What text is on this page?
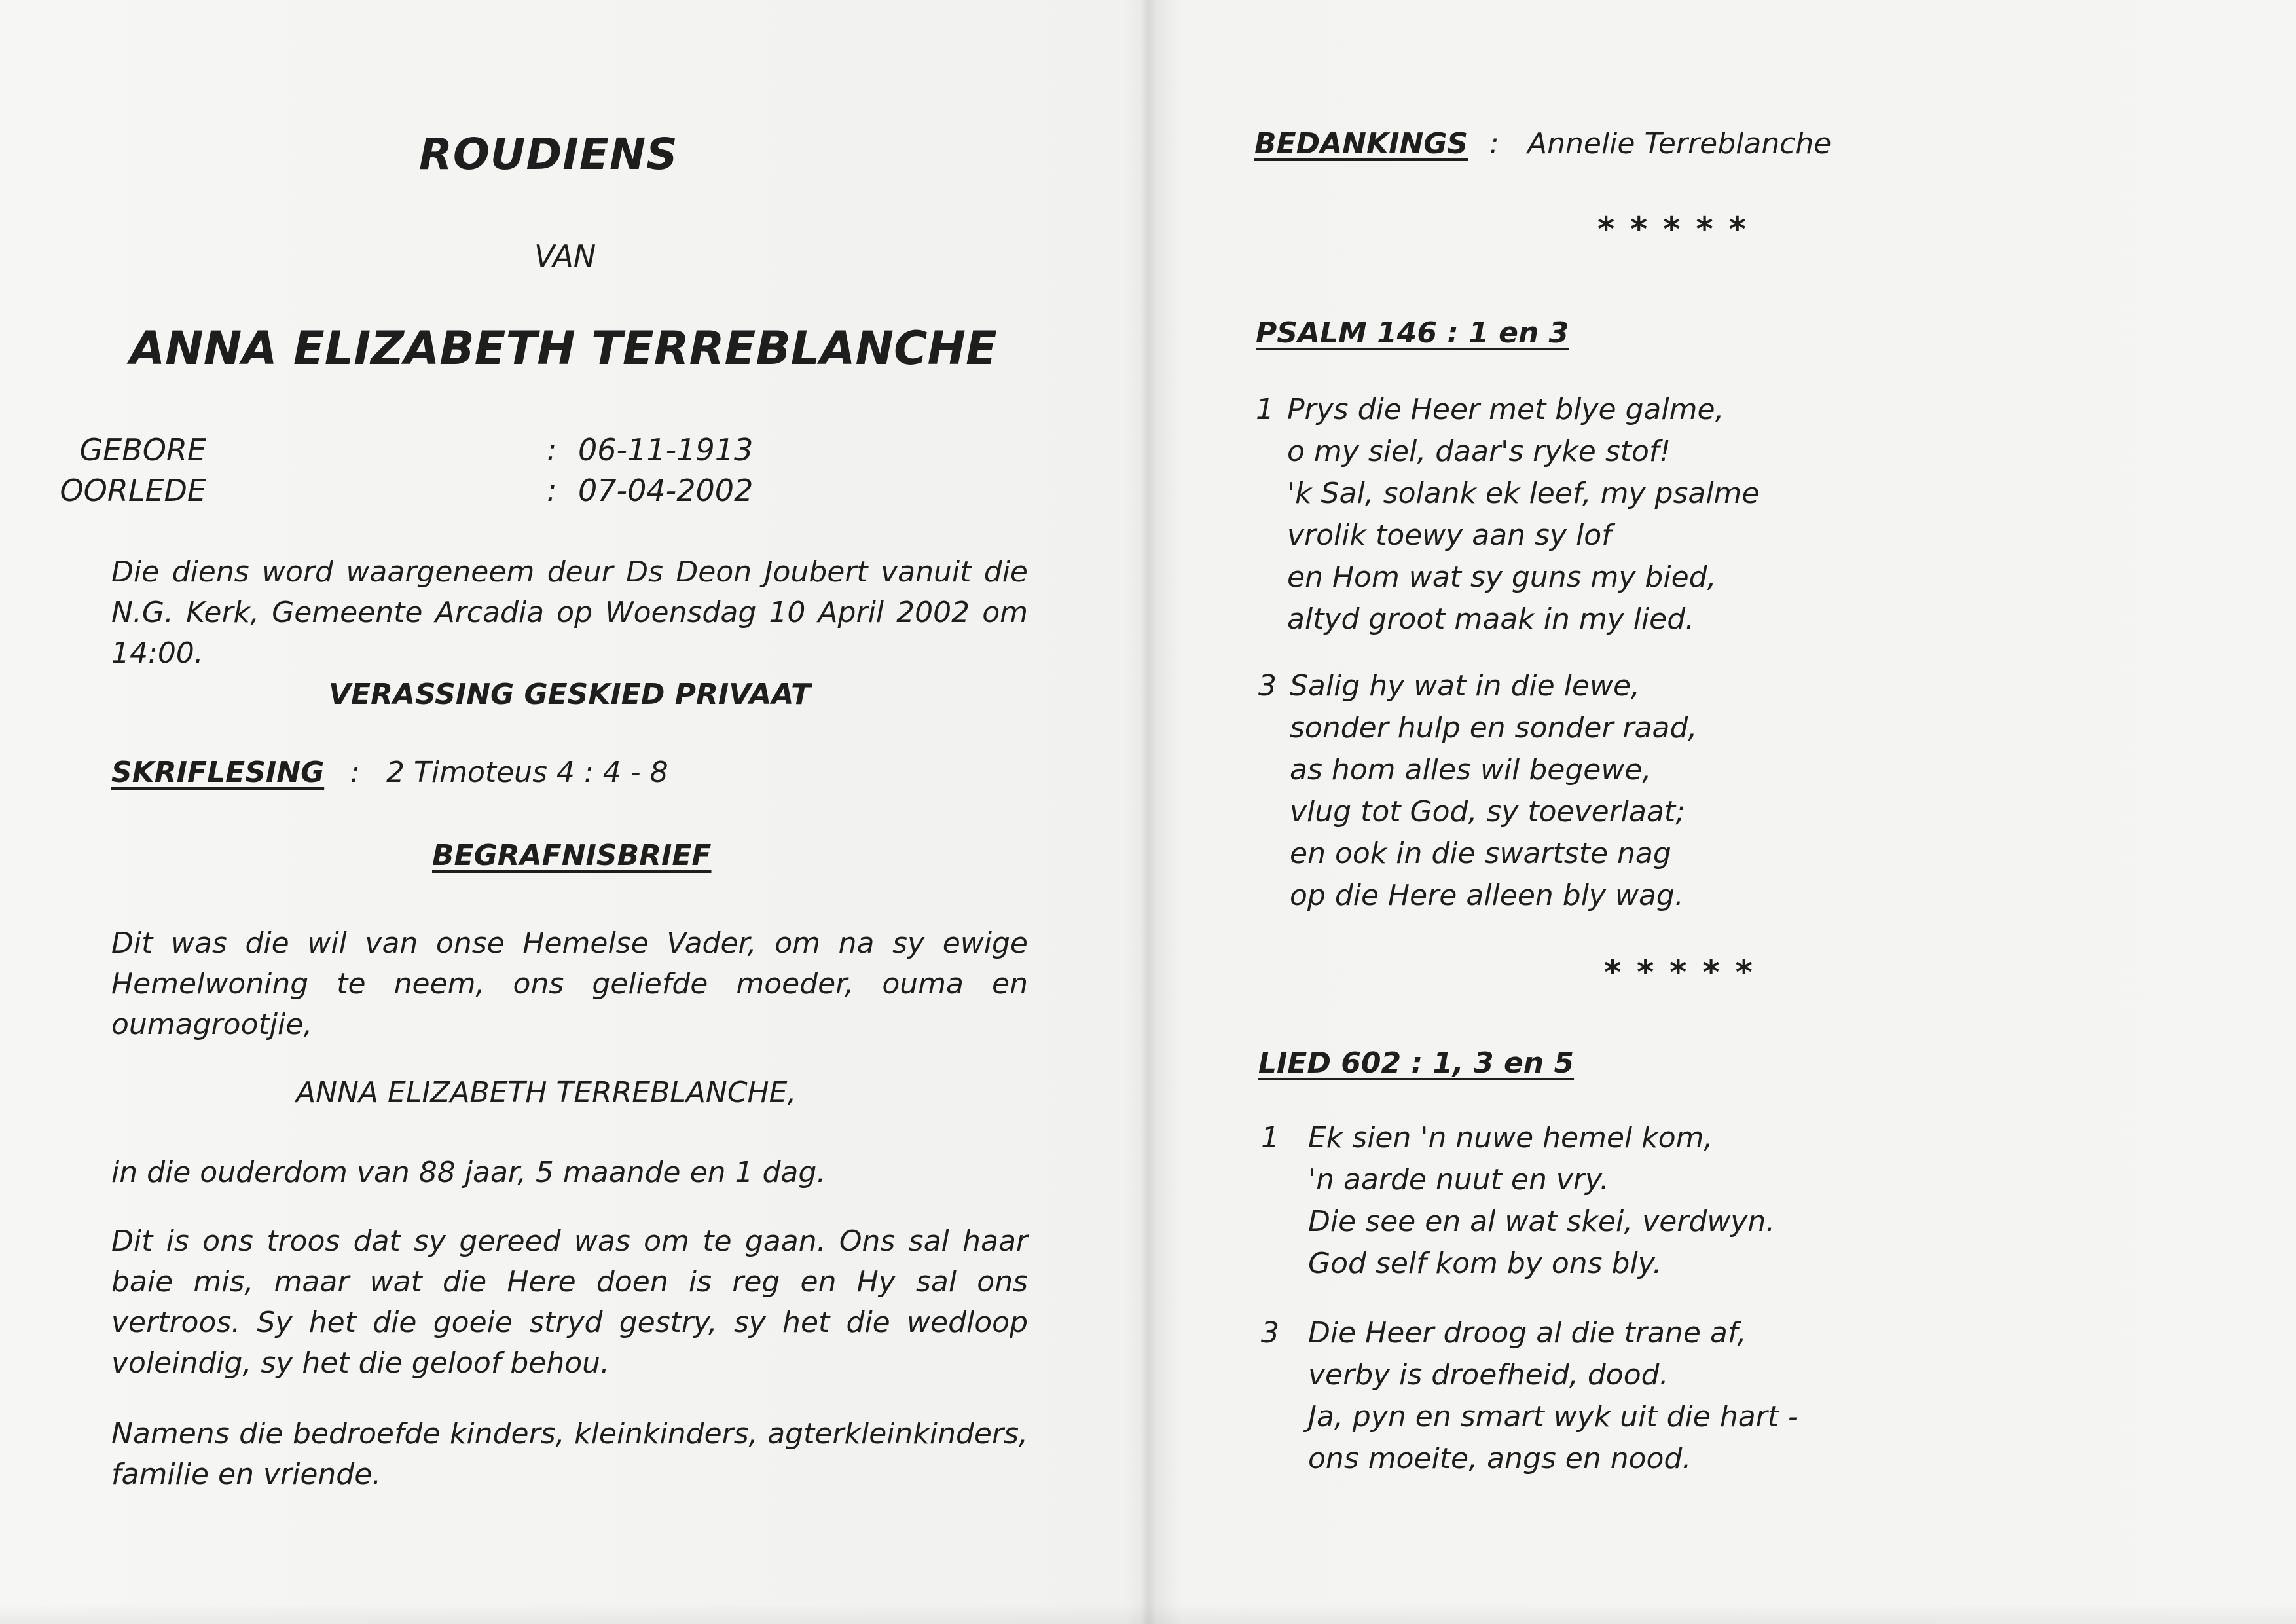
ROUDIENS

VAN

ANNA ELIZABETH TERREBLANCHE
GEBORE	: 06-11-1913
OORLEDE	: 07-04-2002

Die diens word waargeneem deur Ds Deon Joubert vanuit die N.G. Kerk, Gemeente Arcadia op Woensdag 10 April 2002 om 14:00.

VERASSING GESKIED PRIVAAT

SKRIFLESING : 2 Timoteus 4 : 4 - 8

BEGRAFNISBRIEF

Dit was die wil van onse Hemelse Vader, om na sy ewige Hemelwoning te neem, ons geliefde moeder, ouma en oumagrootjie,

ANNA ELIZABETH TERREBLANCHE,

in die ouderdom van 88 jaar, 5 maande en 1 dag.

Dit is ons troos dat sy gereed was om te gaan. Ons sal haar baie mis, maar wat die Here doen is reg en Hy sal ons vertroos. Sy het die goeie stryd gestry, sy het die wedloop voleindig, sy het die geloof behou.

Namens die bedroefde kinders, kleinkinders, agterkleinkinders, familie en vriende.

BEDANKINGS : Annelie Terreblanche

*****

PSALM 146 : 1 en 3

1 Prys die Heer met blye galme,
o my siel, daar's ryke stof!
'k Sal, solank ek leef, my psalme
vrolik toewy aan sy lof
en Hom wat sy guns my bied,
altyd groot maak in my lied.
3 Salig hy wat in die lewe,
sonder hulp en sonder raad,
as hom alles wil begewe,
vlug tot God, sy toeverlaat;
en ook in die swartste nag
op die Here alleen bly wag.

*****

LIED 602 : 1, 3 en 5

1 Ek sien 'n nuwe hemel kom,
'n aarde nuut en vry.
Die see en al wat skei, verdwyn.
God self kom by ons bly.
3 Die Heer droog al die trane af,
verby is droefheid, dood.
Ja, pyn en smart wyk uit die hart -
ons moeite, angs en nood.
